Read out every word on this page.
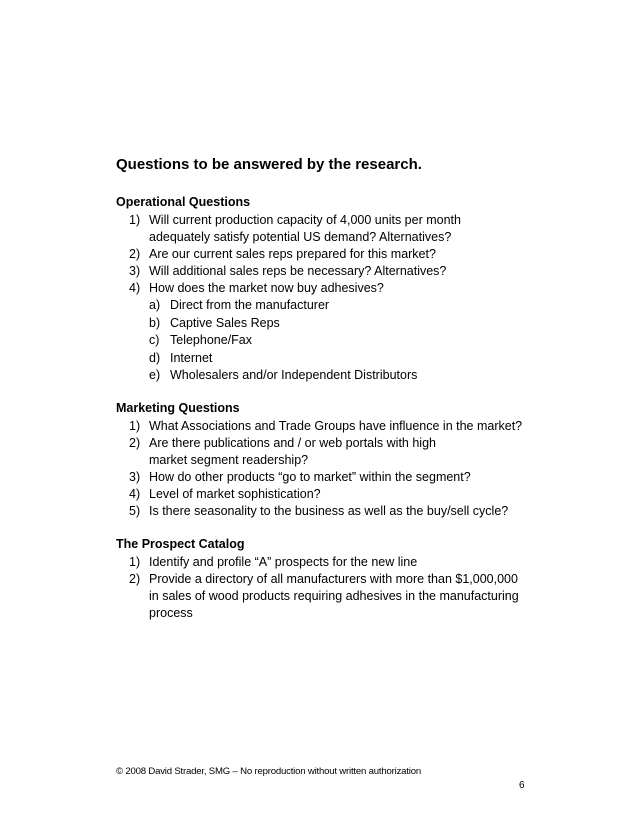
Questions to be answered by the research.
Operational Questions
1) Will current production capacity of 4,000 units per month adequately satisfy potential US demand? Alternatives?
2) Are our current sales reps prepared for this market?
3) Will additional sales reps be necessary? Alternatives?
4) How does the market now buy adhesives?
a) Direct from the manufacturer
b) Captive Sales Reps
c) Telephone/Fax
d) Internet
e) Wholesalers and/or Independent Distributors
Marketing Questions
1) What Associations and Trade Groups have influence in the market?
2) Are there publications and / or web portals with high market segment readership?
3) How do other products “go to market” within the segment?
4) Level of market sophistication?
5) Is there seasonality to the business as well as the buy/sell cycle?
The Prospect Catalog
1) Identify and profile “A” prospects for the new line
2) Provide a directory of all manufacturers with more than $1,000,000 in sales of wood products requiring adhesives in the manufacturing process
© 2008 David Strader, SMG – No reproduction without written authorization
6
